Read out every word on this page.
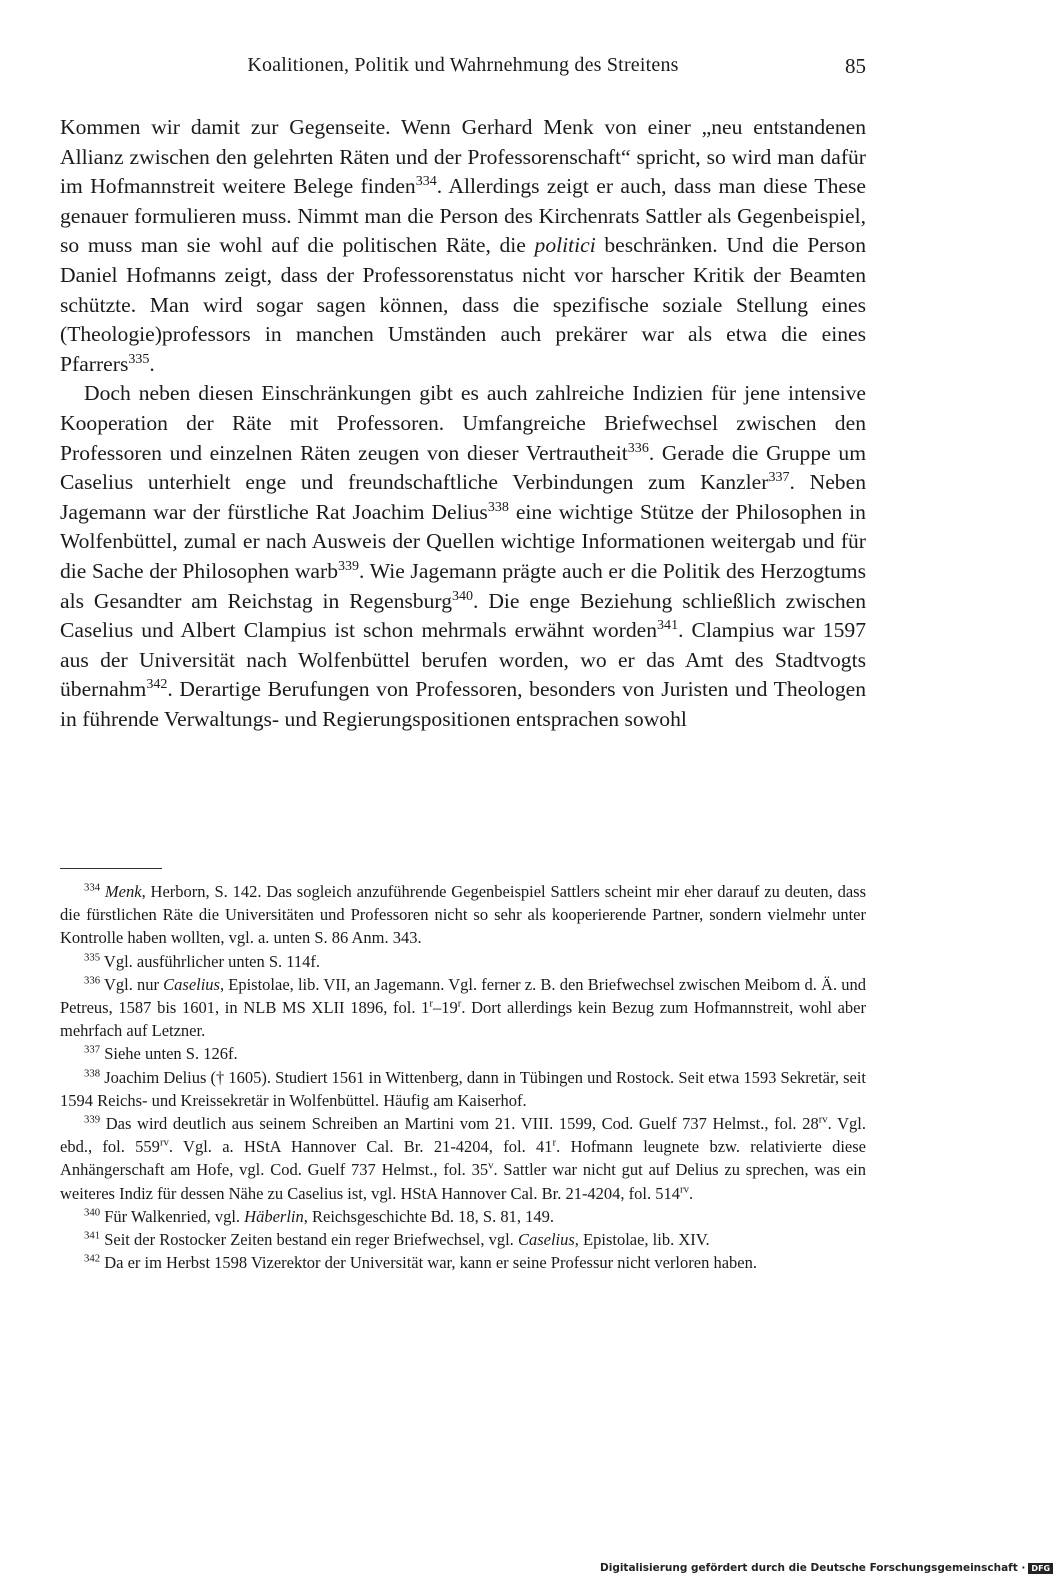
Koalitionen, Politik und Wahrnehmung des Streitens	85

Kommen wir damit zur Gegenseite. Wenn Gerhard Menk von einer „neu entstandenen Allianz zwischen den gelehrten Räten und der Professorenschaft“ spricht, so wird man dafür im Hofmannstreit weitere Belege finden$^{334}$. Allerdings zeigt er auch, dass man diese These genauer formulieren muss. Nimmt man die Person des Kirchenrats Sattler als Gegenbeispiel, so muss man sie wohl auf die politischen Räte, die politici beschränken. Und die Person Daniel Hofmanns zeigt, dass der Professorenstatus nicht vor harscher Kritik der Beamten schützte. Man wird sogar sagen können, dass die spezifische soziale Stellung eines (Theologie)professors in manchen Umständen auch prekärer war als etwa die eines Pfarrers$^{335}$.

Doch neben diesen Einschränkungen gibt es auch zahlreiche Indizien für jene intensive Kooperation der Räte mit Professoren. Umfangreiche Briefwechsel zwischen den Professoren und einzelnen Räten zeugen von dieser Vertrautheit$^{336}$. Gerade die Gruppe um Caselius unterhielt enge und freundschaftliche Verbindungen zum Kanzler$^{337}$. Neben Jagemann war der fürstliche Rat Joachim Delius$^{338}$ eine wichtige Stütze der Philosophen in Wolfenbüttel, zumal er nach Ausweis der Quellen wichtige Informationen weitergab und für die Sache der Philosophen warb$^{339}$. Wie Jagemann prägte auch er die Politik des Herzogtums als Gesandter am Reichstag in Regensburg$^{340}$. Die enge Beziehung schließlich zwischen Caselius und Albert Clampius ist schon mehrmals erwähnt worden$^{341}$. Clampius war 1597 aus der Universität nach Wolfenbüttel berufen worden, wo er das Amt des Stadtvogts übernahm$^{342}$. Derartige Berufungen von Professoren, besonders von Juristen und Theologen in führende Verwaltungs- und Regierungspositionen entsprachen sowohl

$^{334}$ Menk, Herborn, S. 142. Das sogleich anzuführende Gegenbeispiel Sattlers scheint mir eher darauf zu deuten, dass die fürstlichen Räte die Universitäten und Professoren nicht so sehr als kooperierende Partner, sondern vielmehr unter Kontrolle haben wollten, vgl. a. unten S. 86 Anm. 343.

$^{335}$ Vgl. ausführlicher unten S. 114f.

$^{336}$ Vgl. nur Caselius, Epistolae, lib. VII, an Jagemann. Vgl. ferner z. B. den Briefwechsel zwischen Meibom d. Ä. und Petreus, 1587 bis 1601, in NLB MS XLII 1896, fol. 1$^r$–19$^r$. Dort allerdings kein Bezug zum Hofmannstreit, wohl aber mehrfach auf Letzner.

$^{337}$ Siehe unten S. 126f.

$^{338}$ Joachim Delius († 1605). Studiert 1561 in Wittenberg, dann in Tübingen und Rostock. Seit etwa 1593 Sekretär, seit 1594 Reichs- und Kreissekretär in Wolfenbüttel. Häufig am Kaiserhof.

$^{339}$ Das wird deutlich aus seinem Schreiben an Martini vom 21. VIII. 1599, Cod. Guelf 737 Helmst., fol. $28^{rv}$. Vgl. ebd., fol. $559^{rv}$. Vgl. a. HStA Hannover Cal. Br. 21-4204, fol. 41$^r$. Hofmann leugnete bzw. relativierte diese Anhängerschaft am Hofe, vgl. Cod. Guelf 737 Helmst., fol. 35$^v$. Sattler war nicht gut auf Delius zu sprechen, was ein weiteres Indiz für dessen Nähe zu Caselius ist, vgl. HStA Hannover Cal. Br. 21-4204, fol. $514^{rv}$.

$^{340}$ Für Walkenried, vgl. Häberlin, Reichsgeschichte Bd. 18, S. 81, 149.

$^{341}$ Seit der Rostocker Zeiten bestand ein reger Briefwechsel, vgl. Caselius, Epistolae, lib. XIV.

$^{342}$ Da er im Herbst 1598 Vizerektor der Universität war, kann er seine Professur nicht verloren haben.

Digitalisierung gefördert durch die Deutsche Forschungsgemeinschaft · DFG
